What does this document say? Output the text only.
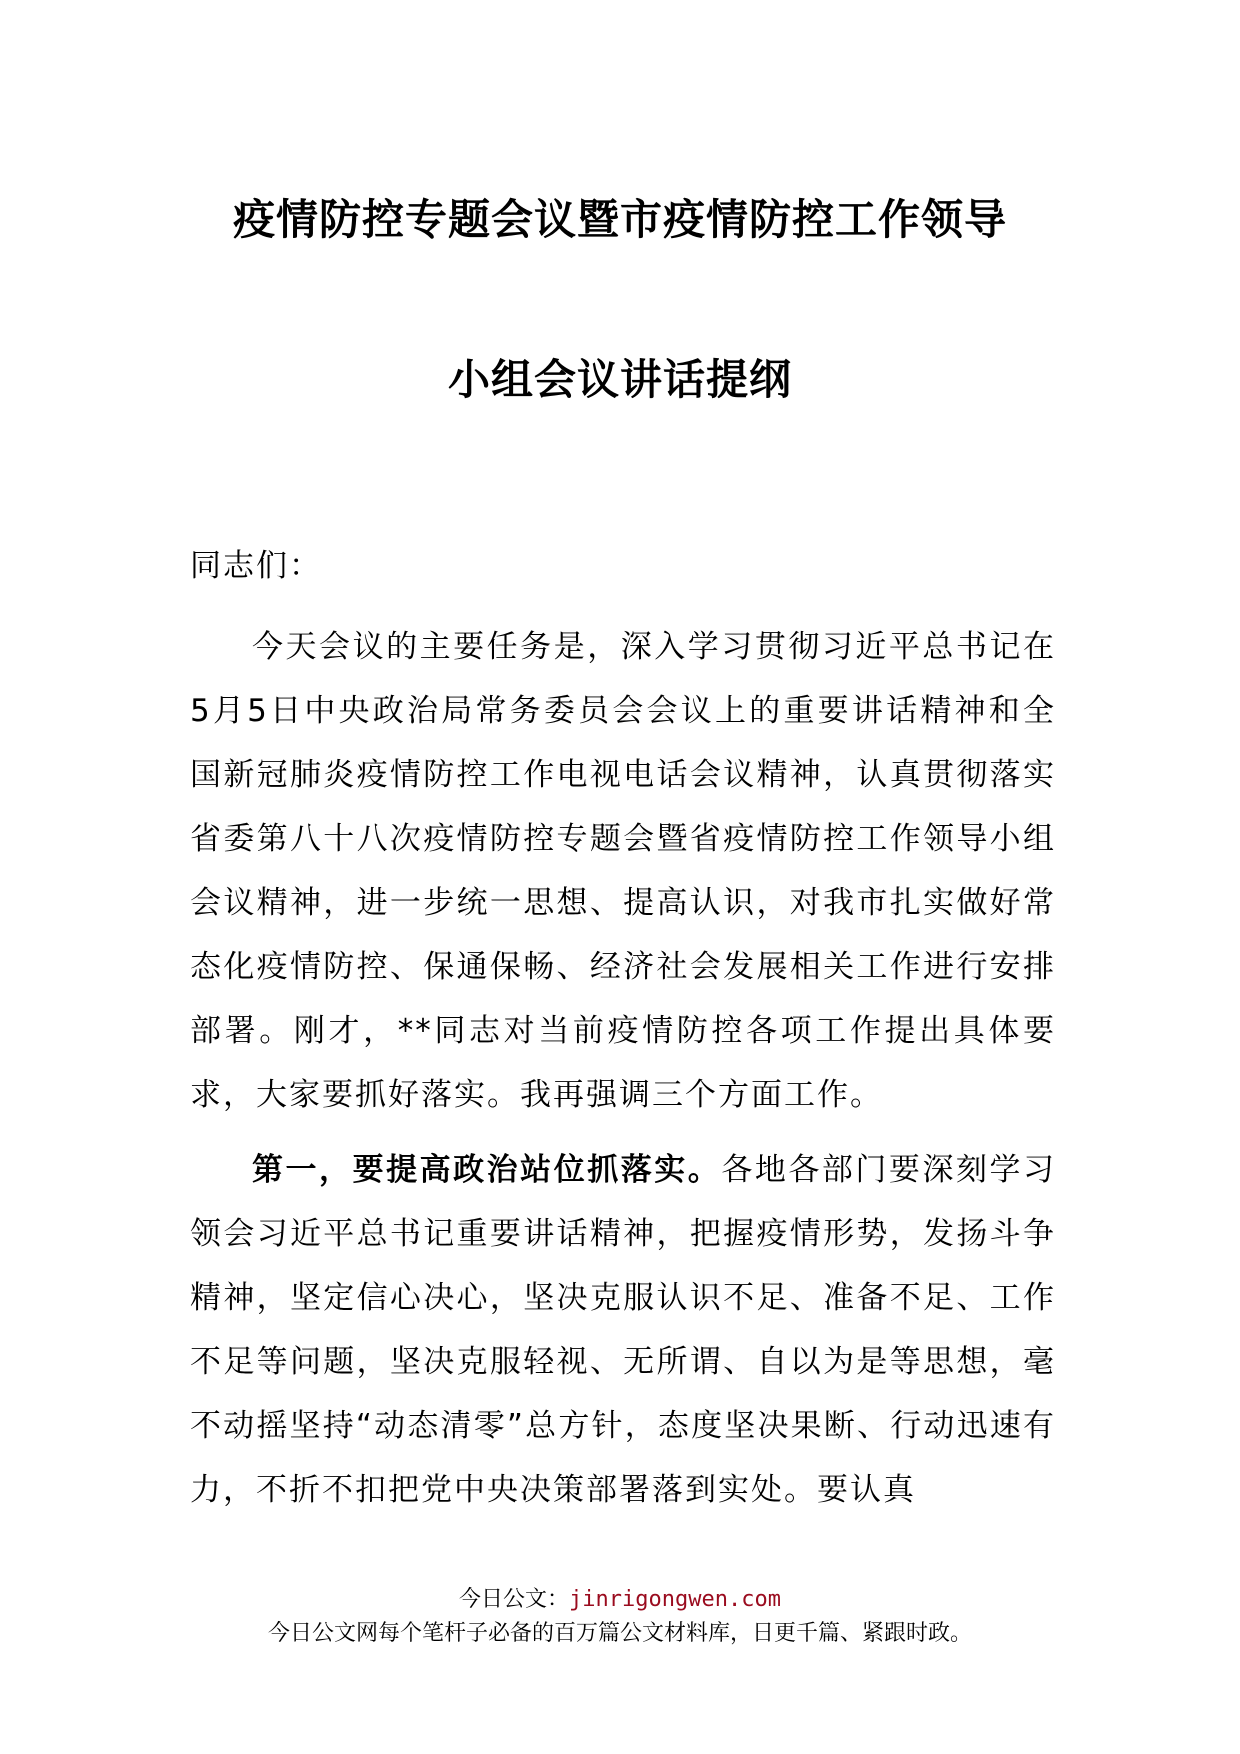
疫情防控专题会议暨市疫情防控工作领导
小组会议讲话提纲
同志们：
今天会议的主要任务是，深入学习贯彻习近平总书记在5月5日中央政治局常务委员会会议上的重要讲话精神和全国新冠肺炎疫情防控工作电视电话会议精神，认真贯彻落实省委第八十八次疫情防控专题会暨省疫情防控工作领导小组会议精神，进一步统一思想、提高认识，对我市扎实做好常态化疫情防控、保通保畅、经济社会发展相关工作进行安排部署。刚才，**同志对当前疫情防控各项工作提出具体要求，大家要抓好落实。我再强调三个方面工作。
第一，要提高政治站位抓落实。各地各部门要深刻学习领会习近平总书记重要讲话精神，把握疫情形势，发扬斗争精神，坚定信心决心，坚决克服认识不足、准备不足、工作不足等问题，坚决克服轻视、无所谓、自以为是等思想，毫不动摇坚持“动态清零”总方针，态度坚决果断、行动迅速有力，不折不扣把党中央决策部署落到实处。要认真
今日公文：jinrigongwen.com
今日公文网每个笔杆子必备的百万篇公文材料库，日更千篇、紧跟时政。
